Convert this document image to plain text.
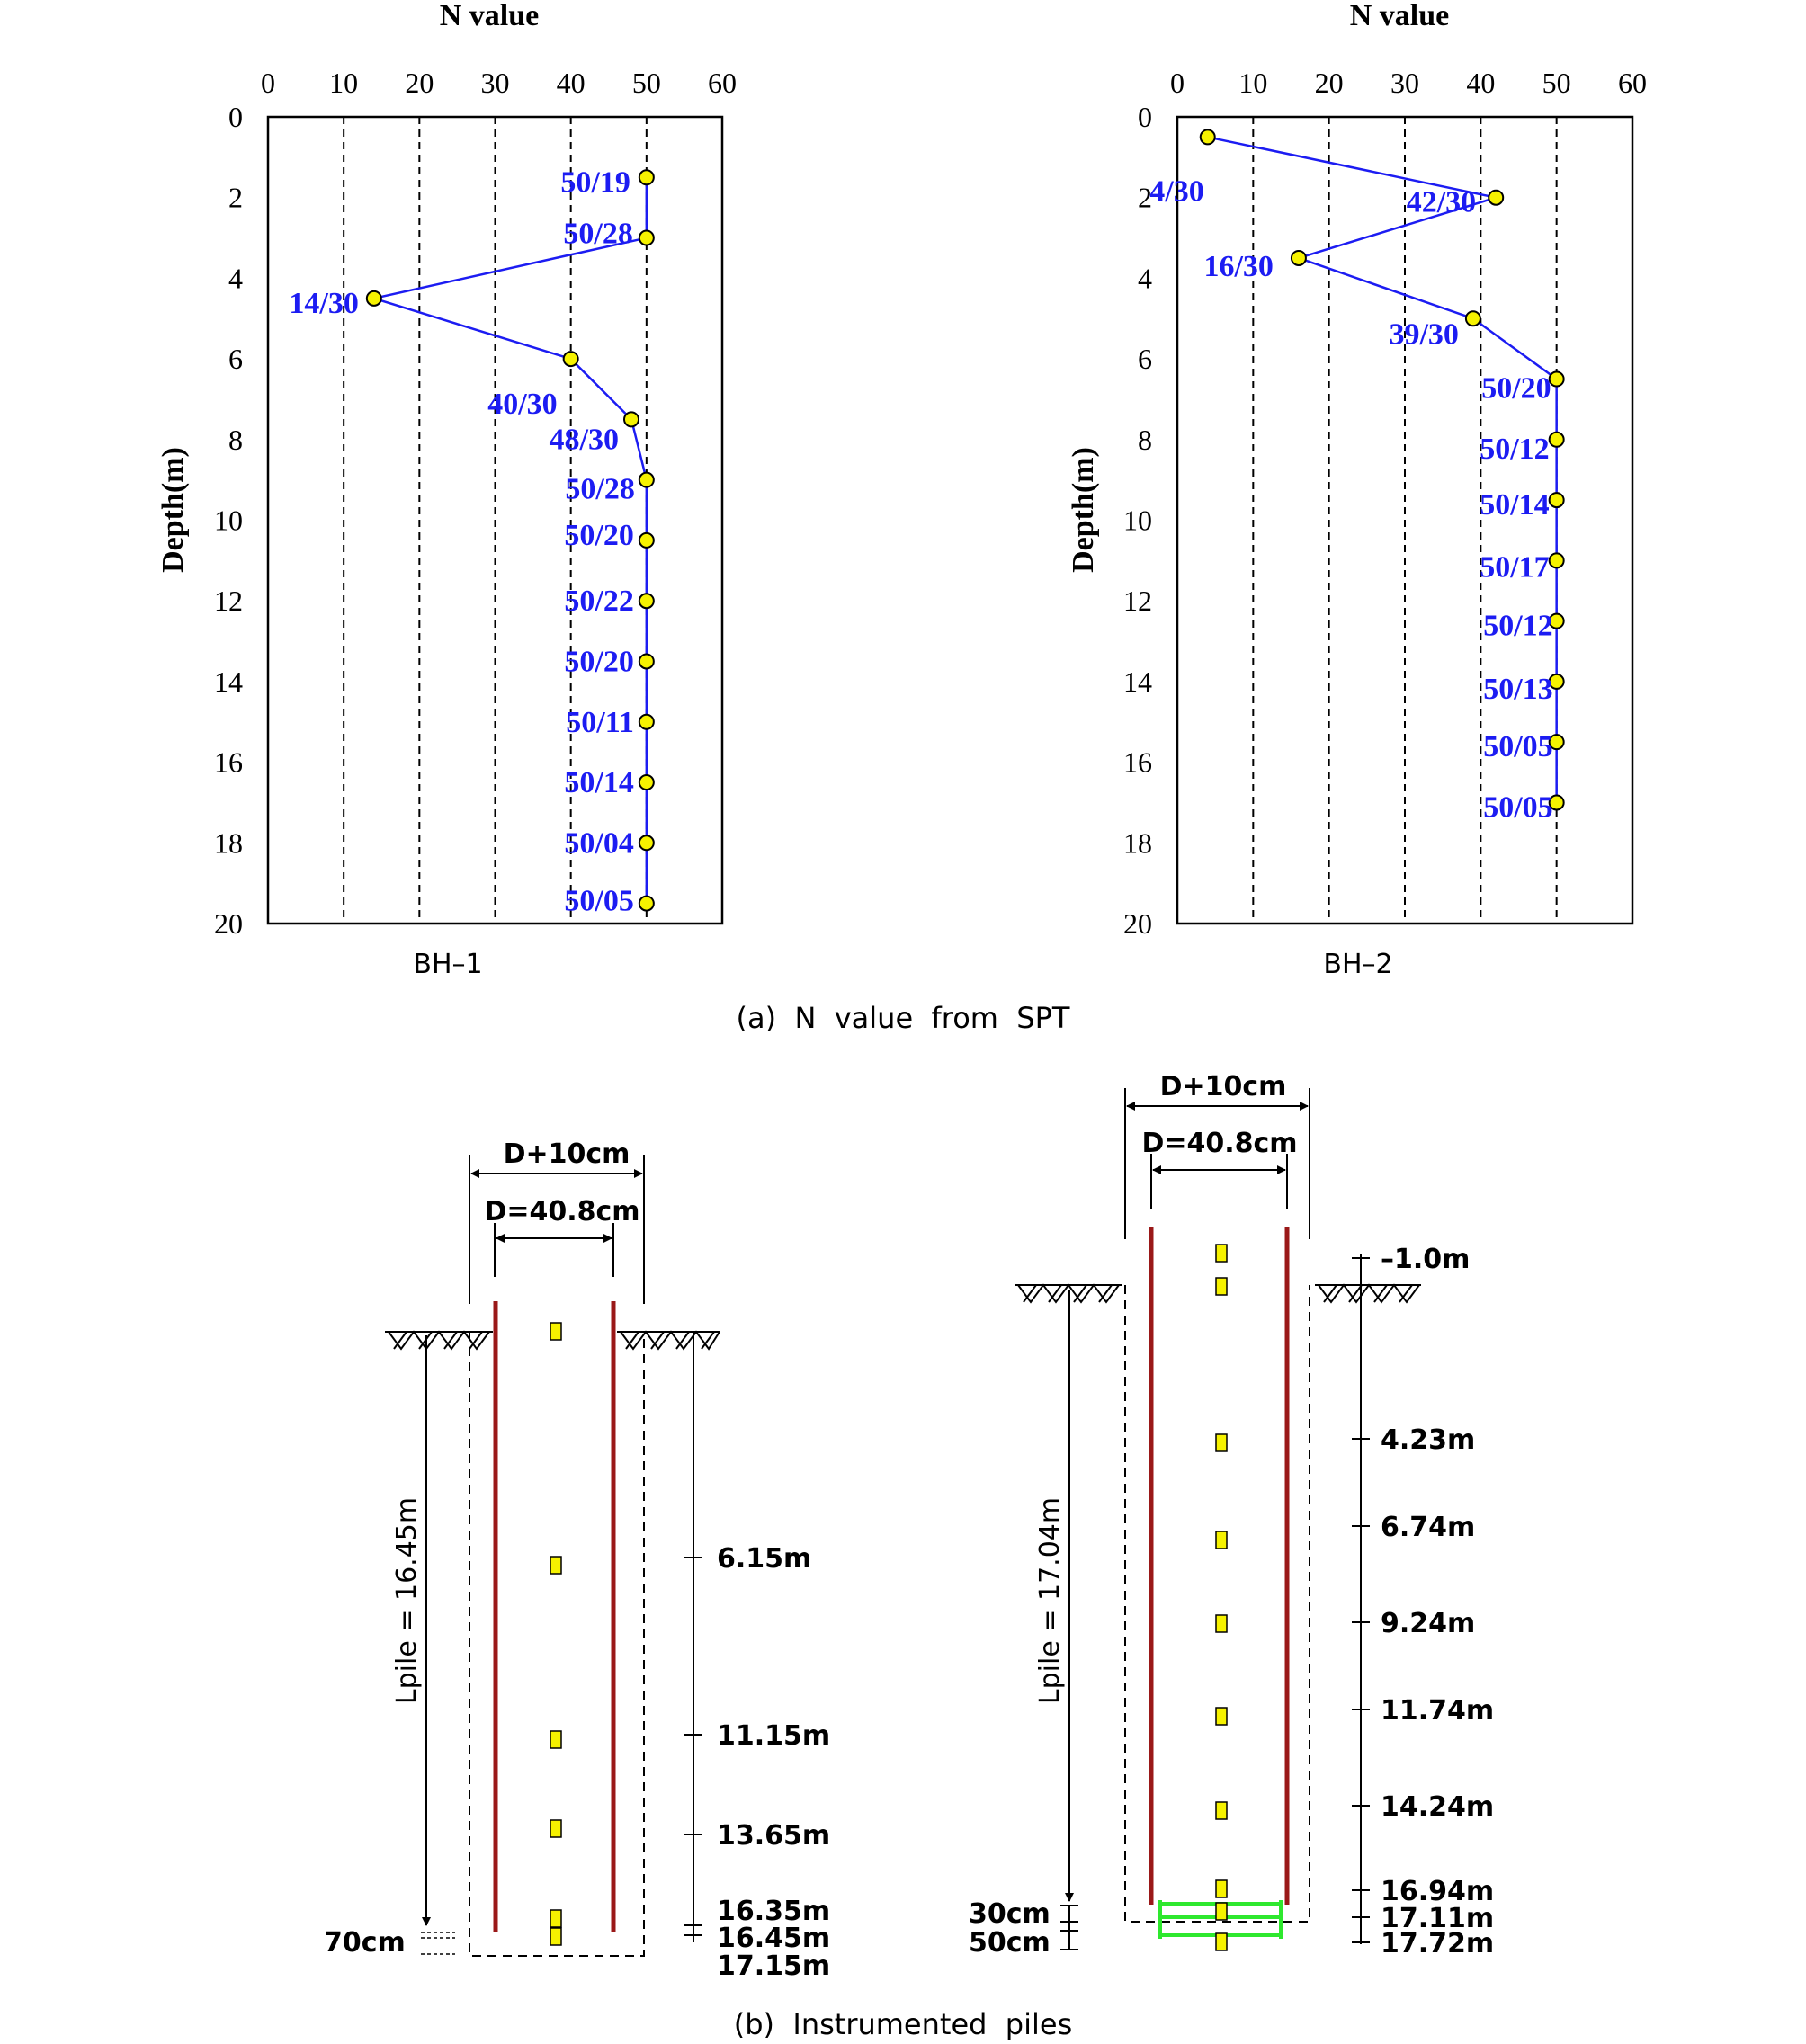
N value
Depth(m)
0 10 20 30 40 50 60
0
2
4
6
8
10
12
14
16
18
20
50/19
50/28
14/30
40/30
48/30
50/28
50/20
50/22
50/20
50/11
50/14
50/04
50/05
BH–1
N value
Depth(m)
0 10 20 30 40 50 60
0
2
4
6
8
10
12
14
16
18
20
4/30	42/30
16/30
39/30
50/20
50/12
50/14
50/17
50/12
50/13
50/05
50/05
BH–2
(a)  N  value  from  SPT
D+10cm
D=40.8cm
Lpile = 16.45m
70cm
6.15m
11.15m
13.65m
16.35m
16.45m
17.15m
D+10cm
D=40.8cm
Lpile = 17.04m
30cm
50cm
–1.0m
4.23m
6.74m
9.24m
11.74m
14.24m
16.94m
17.11m
17.72m
(b)  Instrumented  piles
